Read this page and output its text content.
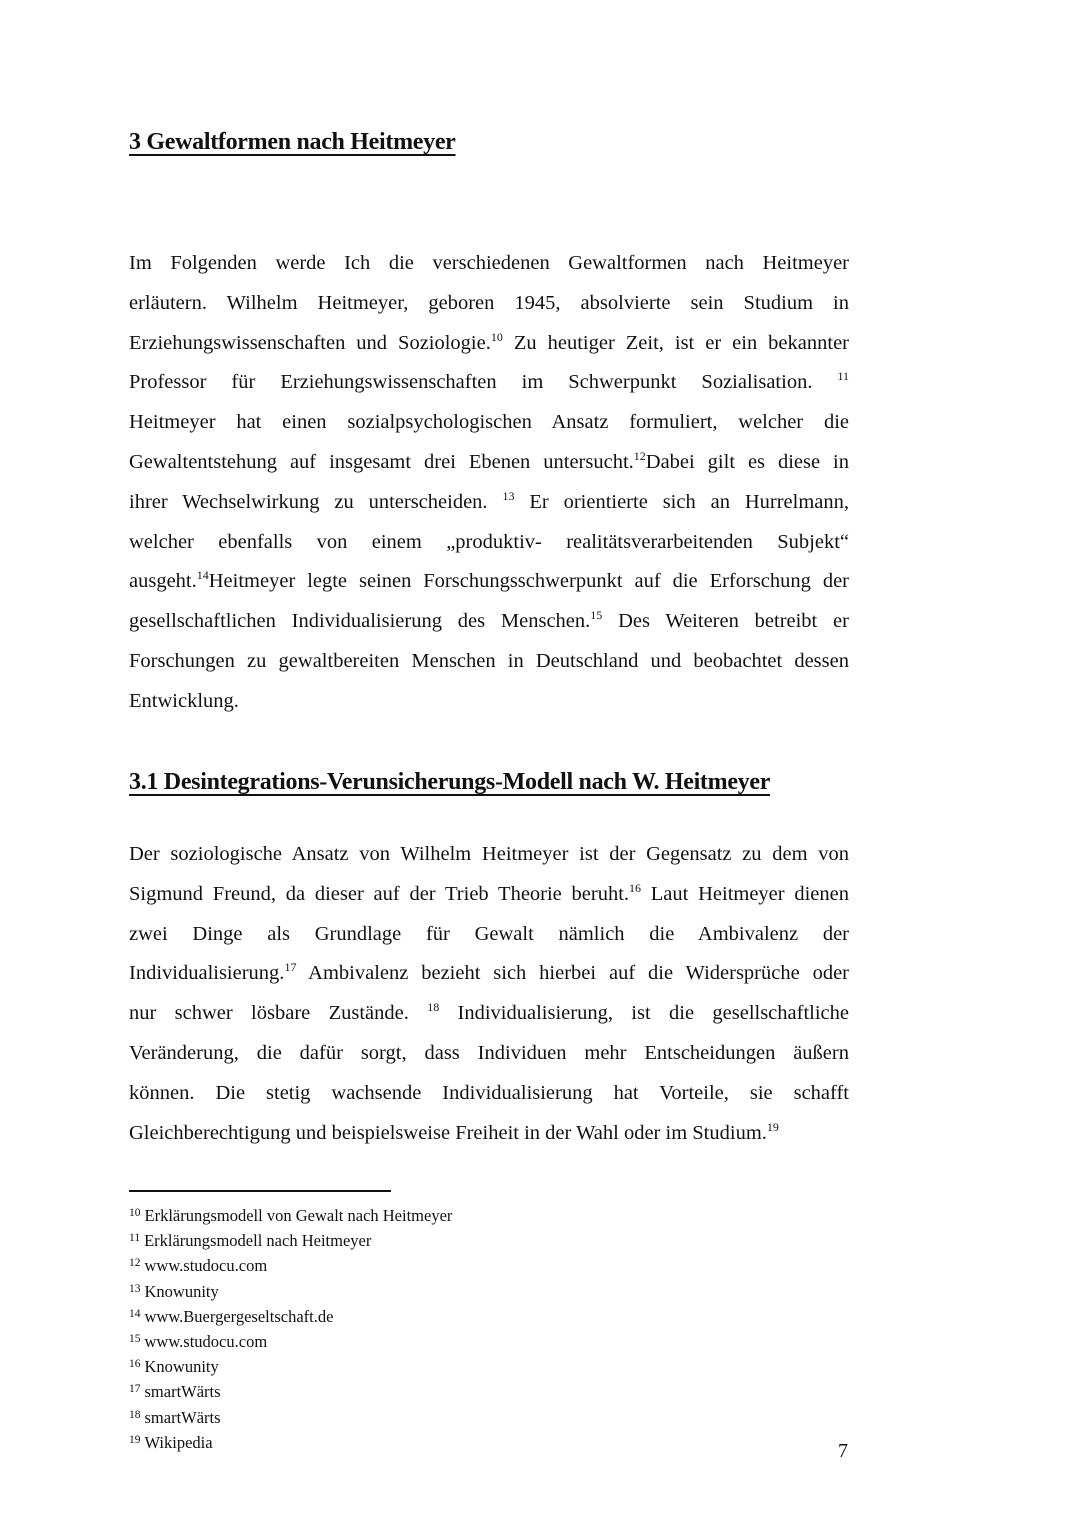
3 Gewaltformen nach Heitmeyer
Im Folgenden werde Ich die verschiedenen Gewaltformen nach Heitmeyer
erläutern. Wilhelm Heitmeyer, geboren 1945, absolvierte sein Studium in
Erziehungswissenschaften und Soziologie.$^{10}$ Zu heutiger Zeit, ist er ein bekannter
Professor für Erziehungswissenschaften im Schwerpunkt Sozialisation. $^{11}$
Heitmeyer hat einen sozialpsychologischen Ansatz formuliert, welcher die
Gewaltentstehung auf insgesamt drei Ebenen untersucht.$^{12}$Dabei gilt es diese in
ihrer Wechselwirkung zu unterscheiden. $^{13}$ Er orientierte sich an Hurrelmann,
welcher ebenfalls von einem „produktiv- realitätsverarbeitenden Subjekt“
ausgeht.$^{14}$Heitmeyer legte seinen Forschungsschwerpunkt auf die Erforschung der
gesellschaftlichen Individualisierung des Menschen.$^{15}$ Des Weiteren betreibt er
Forschungen zu gewaltbereiten Menschen in Deutschland und beobachtet dessen
Entwicklung.
3.1 Desintegrations-Verunsicherungs-Modell nach W. Heitmeyer
Der soziologische Ansatz von Wilhelm Heitmeyer ist der Gegensatz zu dem von
Sigmund Freund, da dieser auf der Trieb Theorie beruht.$^{16}$ Laut Heitmeyer dienen
zwei Dinge als Grundlage für Gewalt nämlich die Ambivalenz der
Individualisierung.$^{17}$ Ambivalenz bezieht sich hierbei auf die Widersprüche oder
nur schwer lösbare Zustände. $^{18}$ Individualisierung, ist die gesellschaftliche
Veränderung, die dafür sorgt, dass Individuen mehr Entscheidungen äußern
können. Die stetig wachsende Individualisierung hat Vorteile, sie schafft
Gleichberechtigung und beispielsweise Freiheit in der Wahl oder im Studium.$^{19}$
$^{10}$ Erklärungsmodell von Gewalt nach Heitmeyer
$^{11}$ Erklärungsmodell nach Heitmeyer
$^{12}$ www.studocu.com
$^{13}$ Knowunity
$^{14}$ www.Buergergeseltschaft.de
$^{15}$ www.studocu.com
$^{16}$ Knowunity
$^{17}$ smartWärts
$^{18}$ smartWärts
$^{19}$ Wikipedia	7
